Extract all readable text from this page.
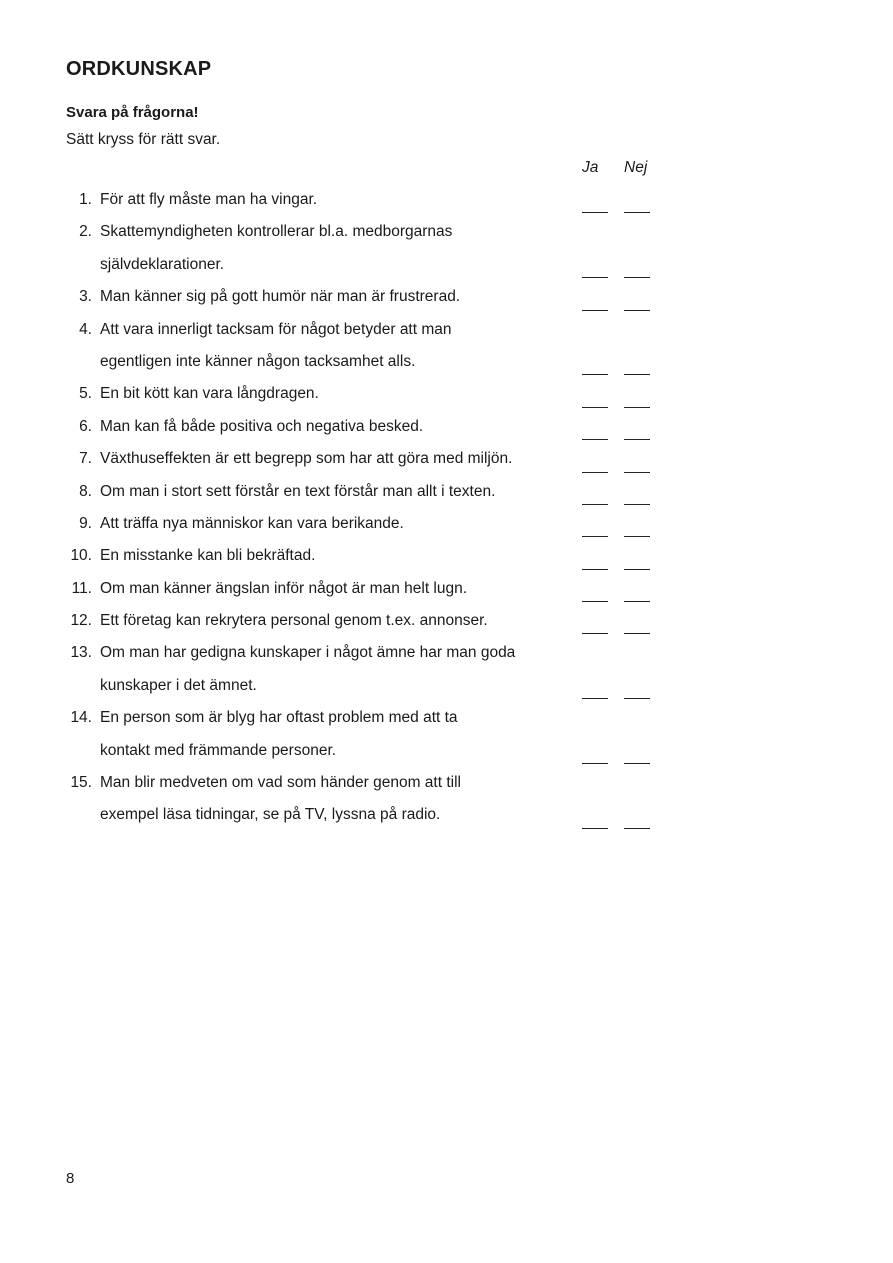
ORDKUNSKAP
Svara på frågorna!
Sätt kryss för rätt svar.
Ja Nej
1. För att fly måste man ha vingar.
2. Skattemyndigheten kontrollerar bl.a. medborgarnas
självdeklarationer.
3. Man känner sig på gott humör när man är frustrerad.
4. Att vara innerligt tacksam för något betyder att man
egentligen inte känner någon tacksamhet alls.
5. En bit kött kan vara långdragen.
6. Man kan få både positiva och negativa besked.
7. Växthuseffekten är ett begrepp som har att göra med miljön.
8. Om man i stort sett förstår en text förstår man allt i texten.
9. Att träffa nya människor kan vara berikande.
10. En misstanke kan bli bekräftad.
11. Om man känner ängslan inför något är man helt lugn.
12. Ett företag kan rekrytera personal genom t.ex. annonser.
13. Om man har gedigna kunskaper i något ämne har man goda
kunskaper i det ämnet.
14. En person som är blyg har oftast problem med att ta
kontakt med främmande personer.
15. Man blir medveten om vad som händer genom att till
exempel läsa tidningar, se på TV, lyssna på radio.
8
